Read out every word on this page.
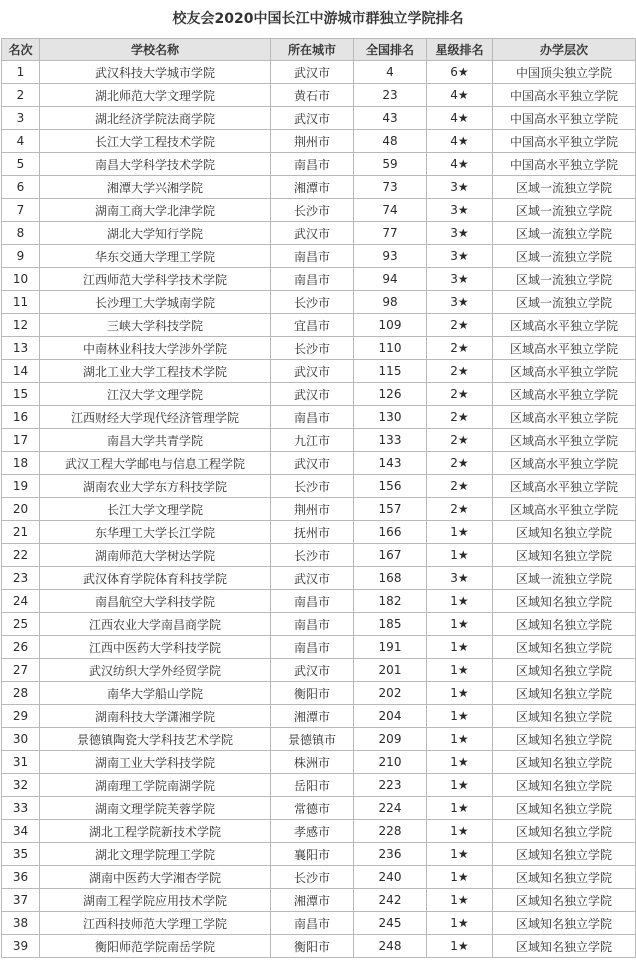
校友会2020中国长江中游城市群独立学院排名
名次	学校名称	所在城市	全国排名	星级排名	办学层次
1	武汉科技大学城市学院	武汉市	4	6★	中国顶尖独立学院
2	湖北师范大学文理学院	黄石市	23	4★	中国高水平独立学院
3	湖北经济学院法商学院	武汉市	43	4★	中国高水平独立学院
4	长江大学工程技术学院	荆州市	48	4★	中国高水平独立学院
5	南昌大学科学技术学院	南昌市	59	4★	中国高水平独立学院
6	湘潭大学兴湘学院	湘潭市	73	3★	区域一流独立学院
7	湖南工商大学北津学院	长沙市	74	3★	区域一流独立学院
8	湖北大学知行学院	武汉市	77	3★	区域一流独立学院
9	华东交通大学理工学院	南昌市	93	3★	区域一流独立学院
10	江西师范大学科学技术学院	南昌市	94	3★	区域一流独立学院
11	长沙理工大学城南学院	长沙市	98	3★	区域一流独立学院
12	三峡大学科技学院	宜昌市	109	2★	区域高水平独立学院
13	中南林业科技大学涉外学院	长沙市	110	2★	区域高水平独立学院
14	湖北工业大学工程技术学院	武汉市	115	2★	区域高水平独立学院
15	江汉大学文理学院	武汉市	126	2★	区域高水平独立学院
16	江西财经大学现代经济管理学院	南昌市	130	2★	区域高水平独立学院
17	南昌大学共青学院	九江市	133	2★	区域高水平独立学院
18	武汉工程大学邮电与信息工程学院	武汉市	143	2★	区域高水平独立学院
19	湖南农业大学东方科技学院	长沙市	156	2★	区域高水平独立学院
20	长江大学文理学院	荆州市	157	2★	区域高水平独立学院
21	东华理工大学长江学院	抚州市	166	1★	区域知名独立学院
22	湖南师范大学树达学院	长沙市	167	1★	区域知名独立学院
23	武汉体育学院体育科技学院	武汉市	168	3★	区域一流独立学院
24	南昌航空大学科技学院	南昌市	182	1★	区域知名独立学院
25	江西农业大学南昌商学院	南昌市	185	1★	区域知名独立学院
26	江西中医药大学科技学院	南昌市	191	1★	区域知名独立学院
27	武汉纺织大学外经贸学院	武汉市	201	1★	区域知名独立学院
28	南华大学船山学院	衡阳市	202	1★	区域知名独立学院
29	湖南科技大学潇湘学院	湘潭市	204	1★	区域知名独立学院
30	景德镇陶瓷大学科技艺术学院	景德镇市	209	1★	区域知名独立学院
31	湖南工业大学科技学院	株洲市	210	1★	区域知名独立学院
32	湖南理工学院南湖学院	岳阳市	223	1★	区域知名独立学院
33	湖南文理学院芙蓉学院	常德市	224	1★	区域知名独立学院
34	湖北工程学院新技术学院	孝感市	228	1★	区域知名独立学院
35	湖北文理学院理工学院	襄阳市	236	1★	区域知名独立学院
36	湖南中医药大学湘杏学院	长沙市	240	1★	区域知名独立学院
37	湖南工程学院应用技术学院	湘潭市	242	1★	区域知名独立学院
38	江西科技师范大学理工学院	南昌市	245	1★	区域知名独立学院
39	衡阳师范学院南岳学院	衡阳市	248	1★	区域知名独立学院
